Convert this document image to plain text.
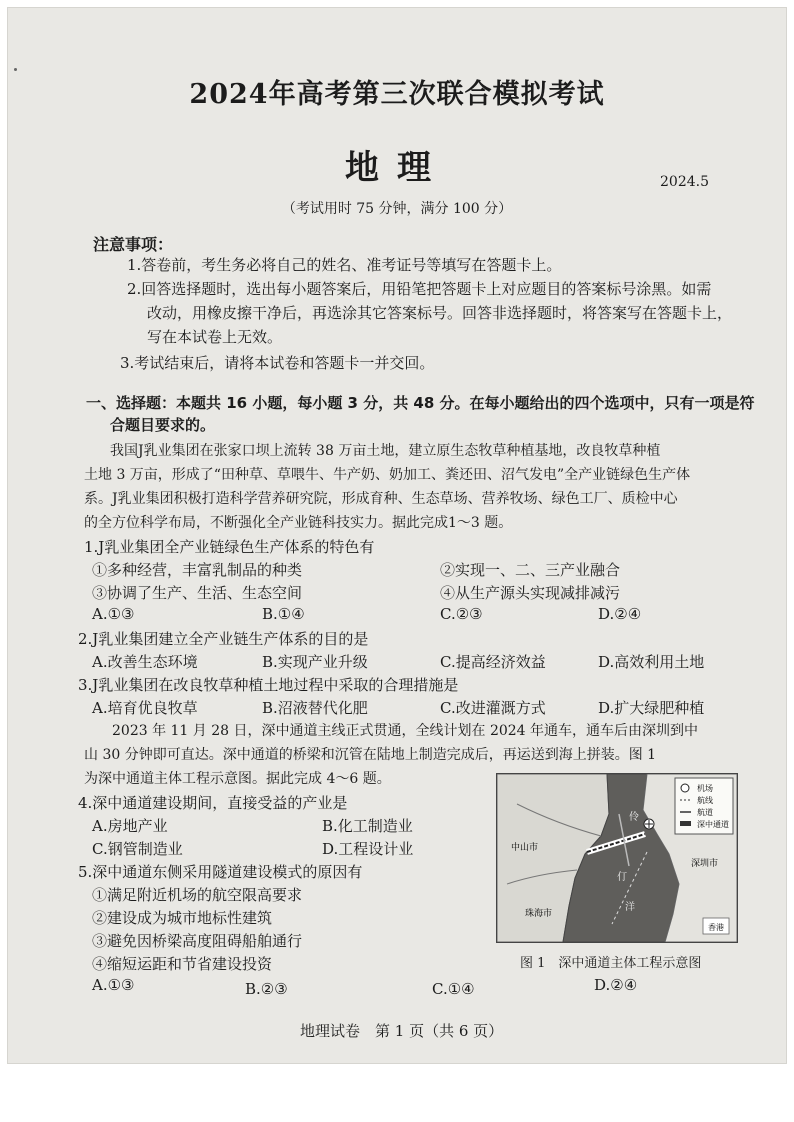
2024年高考第三次联合模拟考试
地理	2024.5
（考试用时 75 分钟，满分 100 分）
注意事项：
1.答卷前，考生务必将自己的姓名、准考证号等填写在答题卡上。
2.回答选择题时，选出每小题答案后，用铅笔把答题卡上对应题目的答案标号涂黑。如需
改动，用橡皮擦干净后，再选涂其它答案标号。回答非选择题时，将答案写在答题卡上，
写在本试卷上无效。
3.考试结束后，请将本试卷和答题卡一并交回。
一、选择题：本题共 16 小题，每小题 3 分，共 48 分。在每小题给出的四个选项中，只有一项是符
合题目要求的。
我国J乳业集团在张家口坝上流转 38 万亩土地，建立原生态牧草种植基地，改良牧草种植
土地 3 万亩，形成了“田种草、草喂牛、牛产奶、奶加工、粪还田、沼气发电”全产业链绿色生产体
系。J乳业集团积极打造科学营养研究院，形成育种、生态草场、营养牧场、绿色工厂、质检中心
的全方位科学布局，不断强化全产业链科技实力。据此完成1～3 题。
1.J乳业集团全产业链绿色生产体系的特色有
①多种经营，丰富乳制品的种类	②实现一、二、三产业融合
③协调了生产、生活、生态空间	④从生产源头实现减排减污
A.①③	B.①④	C.②③	D.②④
2.J乳业集团建立全产业链生产体系的目的是
A.改善生态环境	B.实现产业升级	C.提高经济效益	D.高效利用土地
3.J乳业集团在改良牧草种植土地过程中采取的合理措施是
A.培育优良牧草	B.沼液替代化肥	C.改进灌溉方式	D.扩大绿肥种植
2023 年 11 月 28 日，深中通道主线正式贯通，全线计划在 2024 年通车，通车后由深圳到中
山 30 分钟即可直达。深中通道的桥梁和沉管在陆地上制造完成后，再运送到海上拼装。图 1
为深中通道主体工程示意图。据此完成 4～6 题。
4.深中通道建设期间，直接受益的产业是
A.房地产业	B.化工制造业
C.钢管制造业	D.工程设计业
5.深中通道东侧采用隧道建设模式的原因有
①满足附近机场的航空限高要求
②建设成为城市地标性建筑
③避免因桥梁高度阻碍船舶通行
④缩短运距和节省建设投资
A.①③	B.②③	C.①④	D.②④
机场
航线
航道
深中通道
中山市
深圳市
珠海市
香港
伶
仃
洋
图 1　深中通道主体工程示意图
地理试卷　第 1 页（共 6 页）
